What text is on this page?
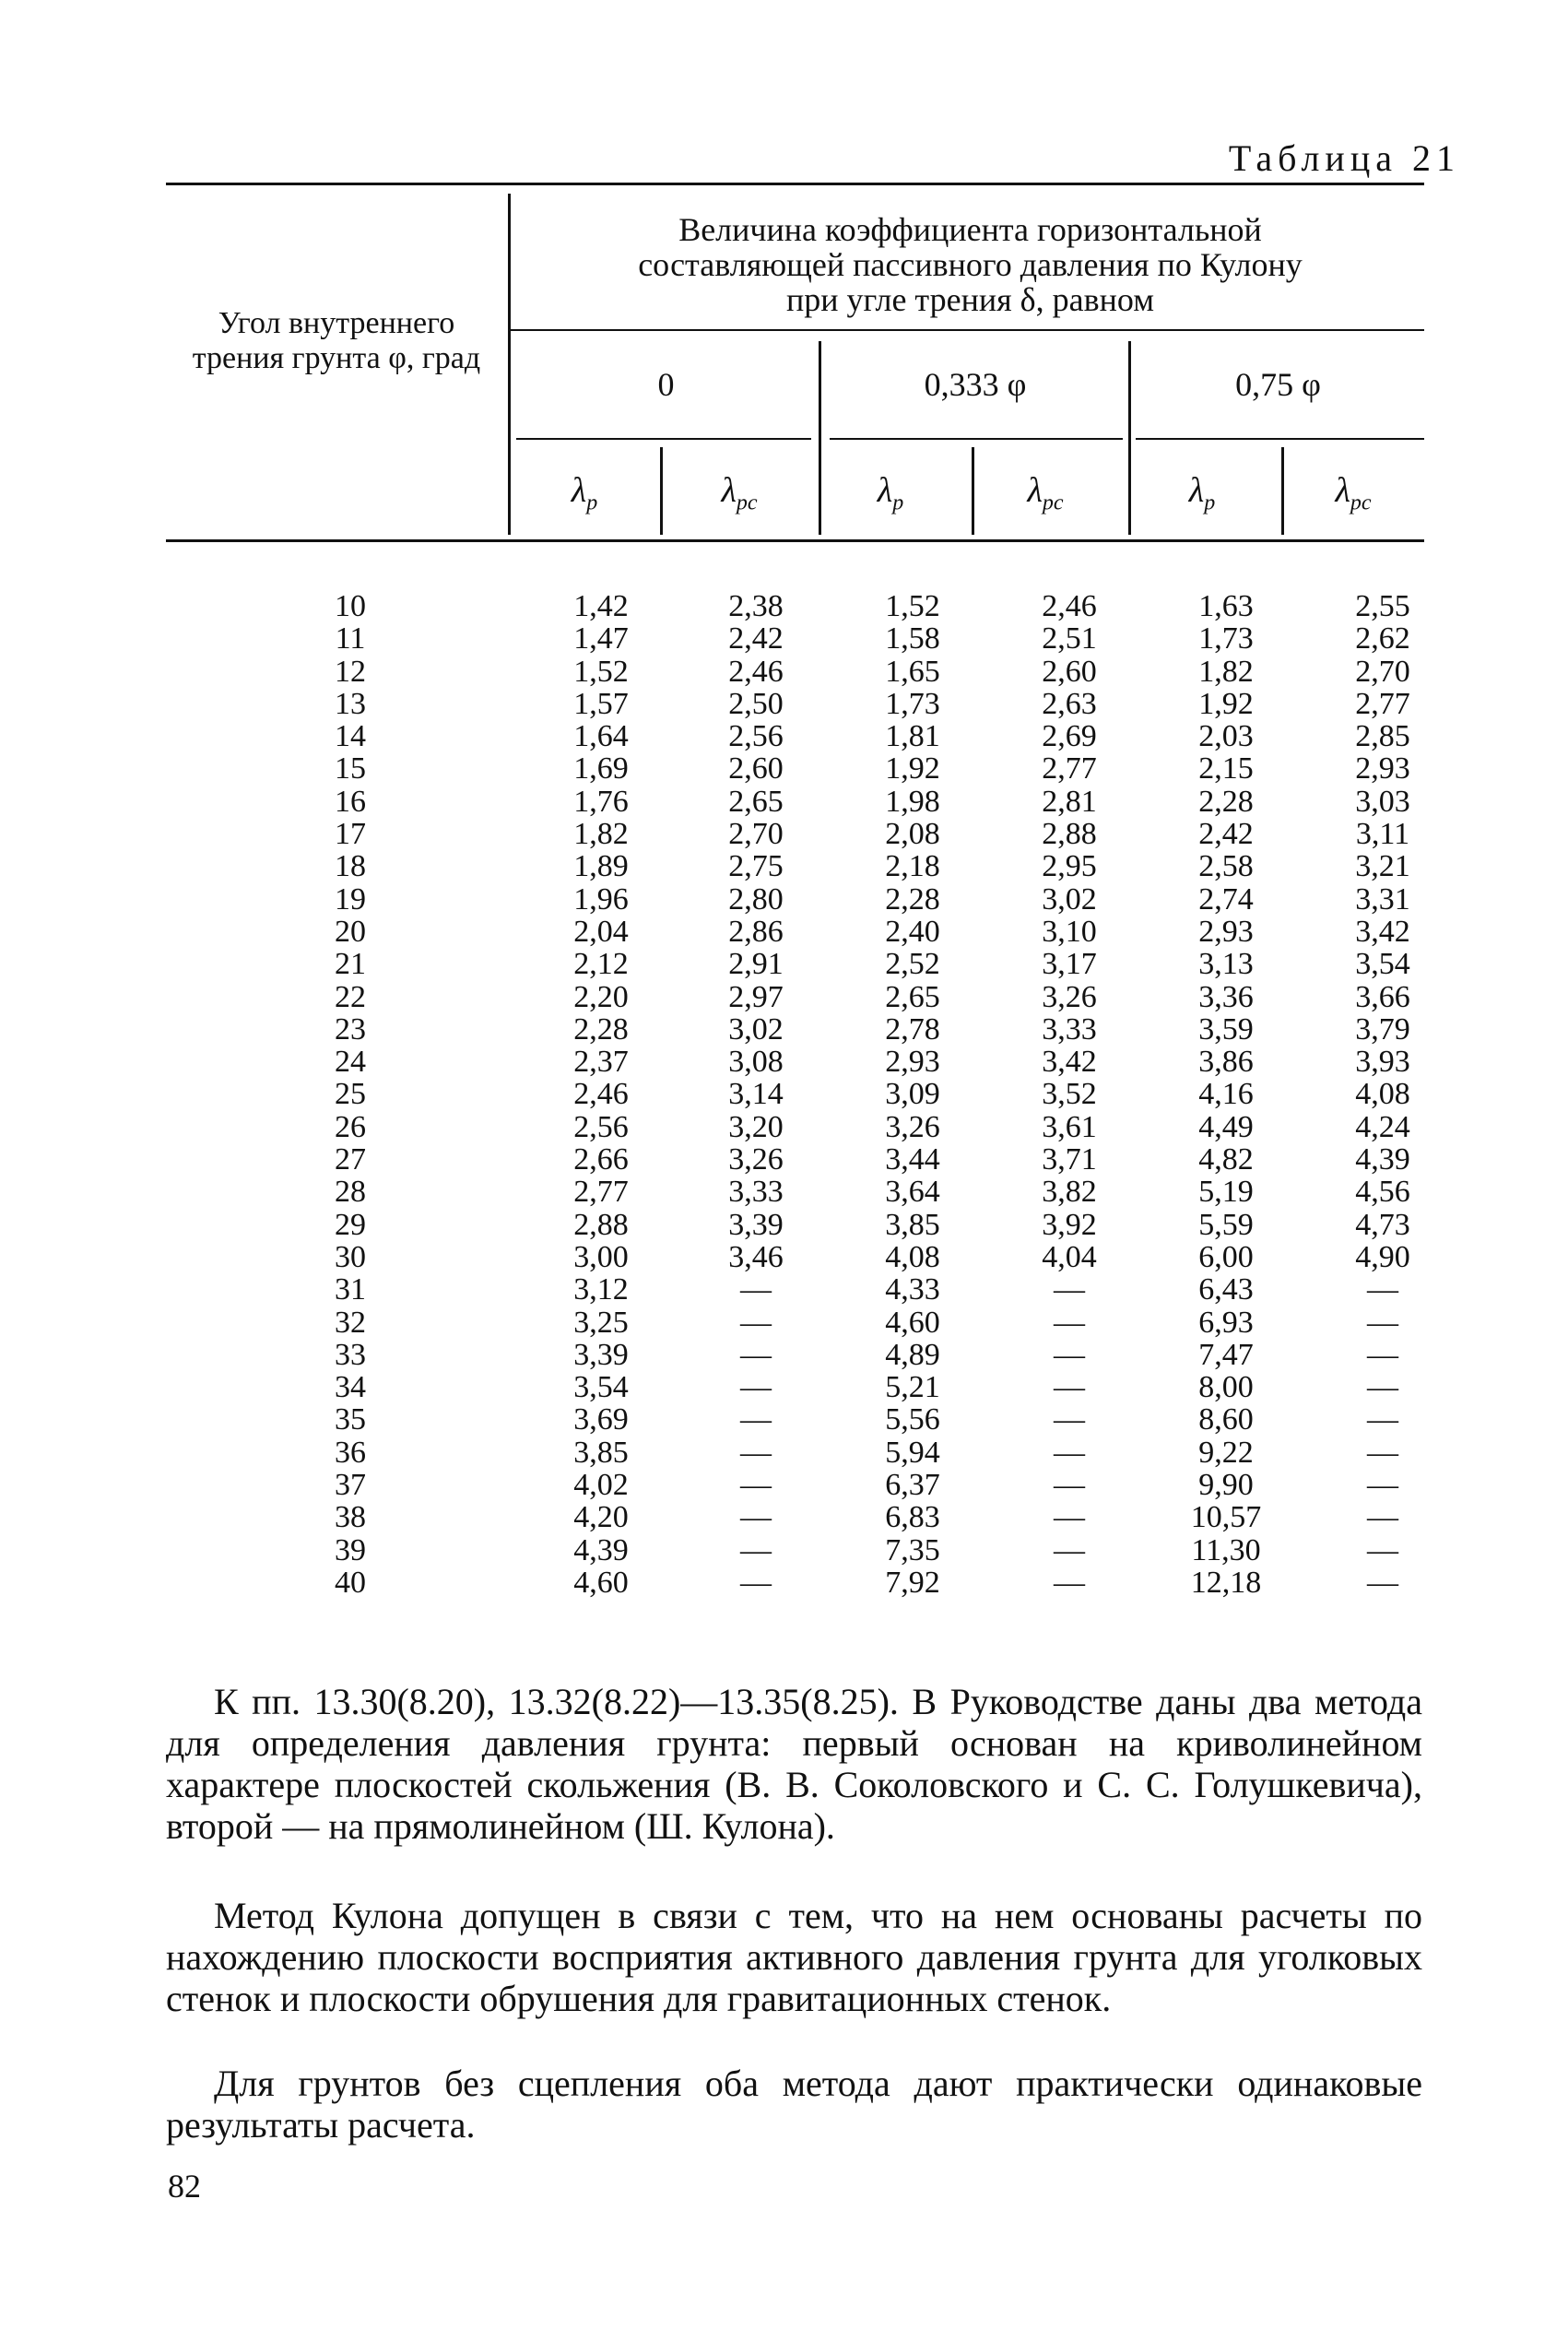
Таблица 21
Угол внутреннего трения грунта φ, град
Величина коэффициента горизонтальной
составляющей пассивного давления по Кулону
при угле трения δ, равном
0	0,333 φ	0,75 φ
$\lambda_p$	$\lambda_{pc}$	$\lambda_p$	$\lambda_{pc}$	$\lambda_p$	$\lambda_{pc}$
10	1,42	2,38	1,52	2,46	1,63	2,55
11	1,47	2,42	1,58	2,51	1,73	2,62
12	1,52	2,46	1,65	2,60	1,82	2,70
13	1,57	2,50	1,73	2,63	1,92	2,77
14	1,64	2,56	1,81	2,69	2,03	2,85
15	1,69	2,60	1,92	2,77	2,15	2,93
16	1,76	2,65	1,98	2,81	2,28	3,03
17	1,82	2,70	2,08	2,88	2,42	3,11
18	1,89	2,75	2,18	2,95	2,58	3,21
19	1,96	2,80	2,28	3,02	2,74	3,31
20	2,04	2,86	2,40	3,10	2,93	3,42
21	2,12	2,91	2,52	3,17	3,13	3,54
22	2,20	2,97	2,65	3,26	3,36	3,66
23	2,28	3,02	2,78	3,33	3,59	3,79
24	2,37	3,08	2,93	3,42	3,86	3,93
25	2,46	3,14	3,09	3,52	4,16	4,08
26	2,56	3,20	3,26	3,61	4,49	4,24
27	2,66	3,26	3,44	3,71	4,82	4,39
28	2,77	3,33	3,64	3,82	5,19	4,56
29	2,88	3,39	3,85	3,92	5,59	4,73
30	3,00	3,46	4,08	4,04	6,00	4,90
31	3,12	—	4,33	—	6,43	—
32	3,25	—	4,60	—	6,93	—
33	3,39	—	4,89	—	7,47	—
34	3,54	—	5,21	—	8,00	—
35	3,69	—	5,56	—	8,60	—
36	3,85	—	5,94	—	9,22	—
37	4,02	—	6,37	—	9,90	—
38	4,20	—	6,83	—	10,57	—
39	4,39	—	7,35	—	11,30	—
40	4,60	—	7,92	—	12,18	—
К пп. 13.30(8.20), 13.32(8.22)—13.35(8.25). В Руководстве даны два метода для определения давления грунта: первый основан на криволинейном характере плоскостей скольжения (В. В. Соколовского и С. С. Голушкевича), второй — на прямолинейном (Ш. Кулона).
Метод Кулона допущен в связи с тем, что на нем основаны расчеты по нахождению плоскости восприятия активного давления грунта для уголковых стенок и плоскости обрушения для гравитационных стенок.
Для грунтов без сцепления оба метода дают практически одинаковые результаты расчета.
82
